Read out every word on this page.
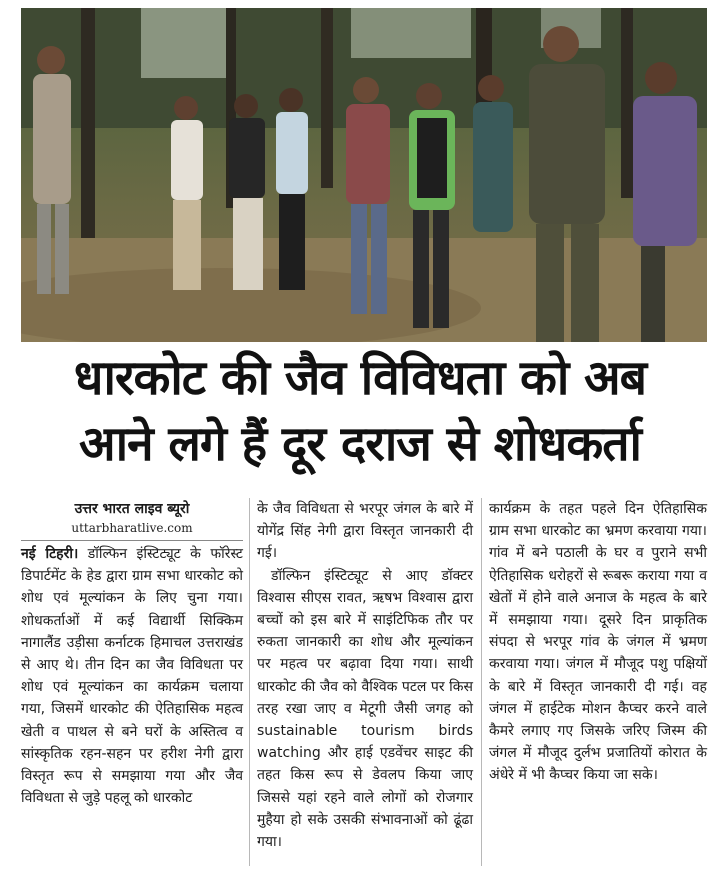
धारकोट की जैव विविधता को अब
आने लगे हैं दूर दराज से शोधकर्ता
उत्तर भारत लाइव ब्यूरो
uttarbharatlive.com

नई टिहरी। डॉल्फिन इंस्टिट्यूट के फॉरेस्ट डिपार्टमेंट के हेड द्वारा ग्राम सभा धारकोट को शोध एवं मूल्यांकन के लिए चुना गया। शोधकर्ताओं में कई विद्यार्थी सिक्किम नागालैंड उड़ीसा कर्नाटक हिमाचल उत्तराखंड से आए थे। तीन दिन का जैव विविधता पर शोध एवं मूल्यांकन का कार्यक्रम चलाया गया, जिसमें धारकोट की ऐतिहासिक महत्व खेती व पाथल से बने घरों के अस्तित्व व सांस्कृतिक रहन-सहन पर हरीश नेगी द्वारा विस्तृत रूप से समझाया गया और जैव विविधता से जुड़े पहलू को धारकोट

के जैव विविधता से भरपूर जंगल के बारे में योगेंद्र सिंह नेगी द्वारा विस्तृत जानकारी दी गई।

डॉल्फिन इंस्टिट्यूट से आए डॉक्टर विश्वास सीएस रावत, ऋषभ विश्वास द्वारा बच्चों को इस बारे में साइंटिफिक तौर पर रुकता जानकारी का शोध और मूल्यांकन पर महत्व पर बढ़ावा दिया गया। साथी धारकोट की जैव को वैश्विक पटल पर किस तरह रखा जाए व मेटूगी जैसी जगह को sustainable tourism birds watching और हाई एडवेंचर साइट की तहत किस रूप से डेवलप किया जाए जिससे यहां रहने वाले लोगों को रोजगार मुहैया हो सके उसकी संभावनाओं को ढूंढा गया।

कार्यक्रम के तहत पहले दिन ऐतिहासिक ग्राम सभा धारकोट का भ्रमण करवाया गया। गांव में बने पठाली के घर व पुराने सभी ऐतिहासिक धरोहरों से रूबरू कराया गया व खेतों में होने वाले अनाज के महत्व के बारे में समझाया गया। दूसरे दिन प्राकृतिक संपदा से भरपूर गांव के जंगल में भ्रमण करवाया गया। जंगल में मौजूद पशु पक्षियों के बारे में विस्तृत जानकारी दी गई। वह जंगल में हाईटेक मोशन कैप्चर करने वाले कैमरे लगाए गए जिसके जरिए जिस्म की जंगल में मौजूद दुर्लभ प्रजातियों कोरात के अंधेरे में भी कैप्चर किया जा सके।
